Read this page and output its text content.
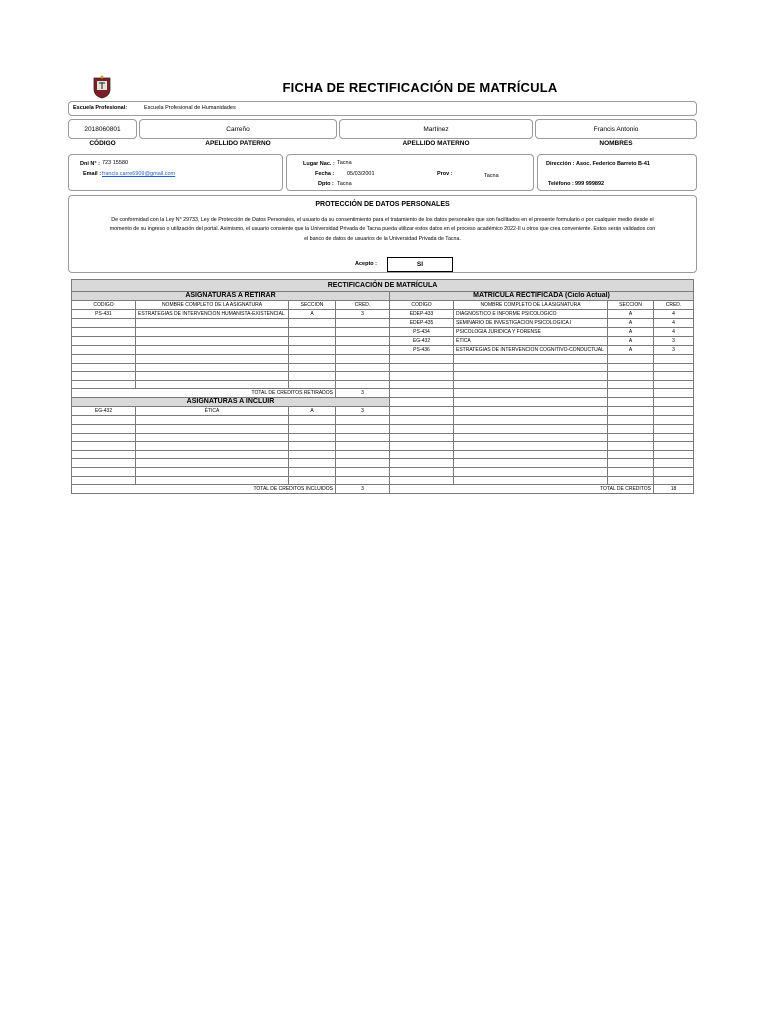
FICHA DE RECTIFICACIÓN DE MATRÍCULA
Escuela Profesional:	Escuela Profesional de Humanidades
2018060801
CÓDIGO
Carreño
APELLIDO PATERNO
Martínez
APELLIDO MATERNO
Francis Antonio
NOMBRES
Dni N° : 723 15580
Email : francis.carre6909@gmail.com
Lugar Nac. : Tacna
Fecha : 05/03/2001	Prov :	Tacna
Dpto : Tacna
Dirección : Asoc. Federico Barreto B-41
Teléfono : 999 999892
PROTECCIÓN DE DATOS PERSONALES
De conformidad con la Ley N° 29733, Ley de Protección de Datos Personales, el usuario da su consentimiento para el tratamiento de los datos personales que son facilitados en el presente formulario o por cualquier medio desde el
momento de su ingreso o utilización del portal. Asimismo, el usuario consiente que la Universidad Privada de Tacna pueda utilizar estos datos en el proceso académico 2022-II u otros que crea conveniente. Estos serán validados con
el banco de datos de usuarios de la Universidad Privada de Tacna.
Acepto :	SI
RECTIFICACIÓN DE MATRÍCULA							
ASIGNATURAS A RETIRAR				MATRÍCULA RECTIFICADA (Ciclo Actual)			
CODIGO	NOMBRE COMPLETO DE LA ASIGNATURA	SECCION	CRED.	CODIGO	NOMBRE COMPLETO DE LA ASIGNATURA	SECCION	CRED.
PS-431	ESTRATEGIAS DE INTERVENCION HUMANISTA-EXISTENCIAL	A	3	EDEP-433	DIAGNOSTICO E INFORME PSICOLOGICO	A	4
				EDEP-435	SEMINARIO DE INVESTIGACION PSICOLOGICA I	A	4
				PS-434	PSICOLOGIA JURIDICA Y FORENSE	A	4
				EG-432	ÉTICA	A	3
				PS-436	ESTRATEGIAS DE INTERVENCION COGNITIVO-CONDUCTUAL	A	3

TOTAL DE CREDITOS RETIRADOS			3				
ASIGNATURAS A INCLUIR							
EG-432	ÉTICA	A	3				

TOTAL DE CREDITOS INCLUIDOS			3	TOTAL DE CREDITOS			18
